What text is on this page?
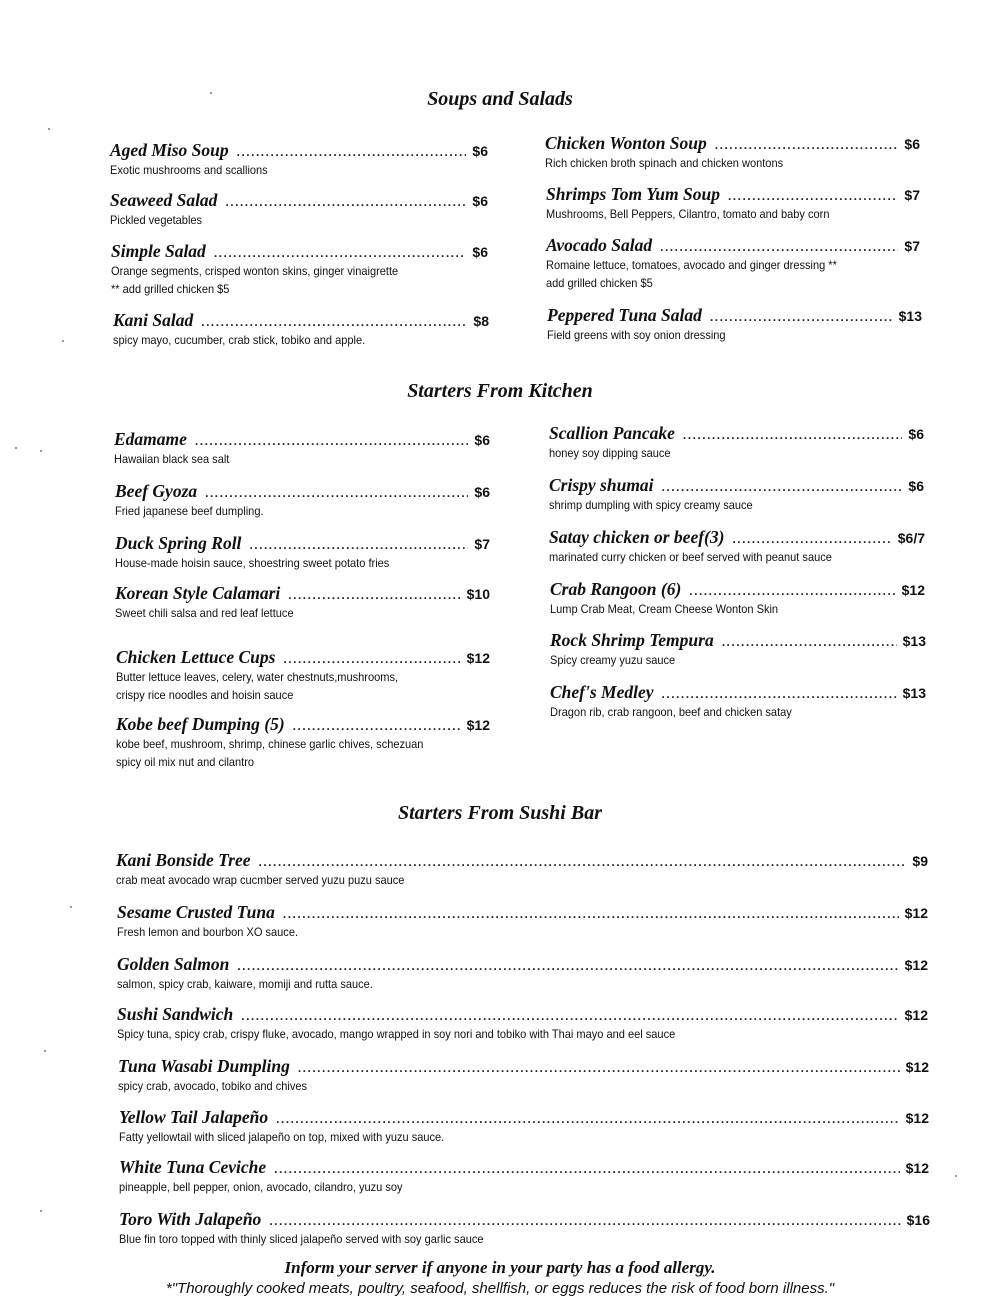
Soups and Salads
Aged Miso Soup .....	$6
Exotic mushrooms and scallions
Seaweed Salad .....	$6
Pickled vegetables
Simple Salad .....	$6
Orange segments, crisped wonton skins, ginger vinaigrette
** add grilled chicken $5
Kani Salad .....	$8
spicy mayo, cucumber, crab stick, tobiko and apple.
Chicken Wonton Soup .....	$6
Rich chicken broth spinach and chicken wontons
Shrimps Tom Yum Soup .....	$7
Mushrooms, Bell Peppers, Cilantro, tomato and baby corn
Avocado Salad .....	$7
Romaine lettuce, tomatoes, avocado and ginger dressing **
add grilled chicken $5
Peppered Tuna Salad .....	$13
Field greens with soy onion dressing
Starters From Kitchen
Edamame .....	$6
Hawaiian black sea salt
Beef Gyoza .....	$6
Fried japanese beef dumpling.
Duck Spring Roll .....	$7
House-made hoisin sauce, shoestring sweet potato fries
Korean Style Calamari .....	$10
Sweet chili salsa and red leaf lettuce
Chicken Lettuce Cups .....	$12
Butter lettuce leaves, celery, water chestnuts,mushrooms,
crispy rice noodles and hoisin sauce
Kobe beef Dumping (5) .....	$12
kobe beef, mushroom, shrimp, chinese garlic chives, schezuan
spicy oil mix nut and cilantro
Scallion Pancake .....	$6
honey soy dipping sauce
Crispy shumai .....	$6
shrimp dumpling with spicy creamy sauce
Satay chicken or beef(3) .....	$6/7
marinated curry chicken or beef served with peanut sauce
Crab Rangoon (6) .....	$12
Lump Crab Meat, Cream Cheese Wonton Skin
Rock Shrimp Tempura .....	$13
Spicy creamy yuzu sauce
Chef's Medley .....	$13
Dragon rib, crab rangoon, beef and chicken satay
Starters From Sushi Bar
Kani Bonside Tree .....	$9
crab meat avocado wrap cucmber served yuzu puzu sauce
Sesame Crusted Tuna .....	$12
Fresh lemon and bourbon XO sauce.
Golden Salmon .....	$12
salmon, spicy crab, kaiware, momiji and rutta sauce.
Sushi Sandwich .....	$12
Spicy tuna, spicy crab, crispy fluke, avocado, mango wrapped in soy nori and tobiko with Thai mayo and eel sauce
Tuna Wasabi Dumpling .....	$12
spicy crab, avocado, tobiko and chives
Yellow Tail Jalapeño .....	$12
Fatty yellowtail with sliced jalapeño on top, mixed with yuzu sauce.
White Tuna Ceviche .....	$12
pineapple, bell pepper, onion, avocado, cilandro, yuzu soy
Toro With Jalapeño .....	$16
Blue fin toro topped with thinly sliced jalapeño served with soy garlic sauce
Inform your server if anyone in your party has a food allergy.
*"Thoroughly cooked meats, poultry, seafood, shellfish, or eggs reduces the risk of food born illness."
